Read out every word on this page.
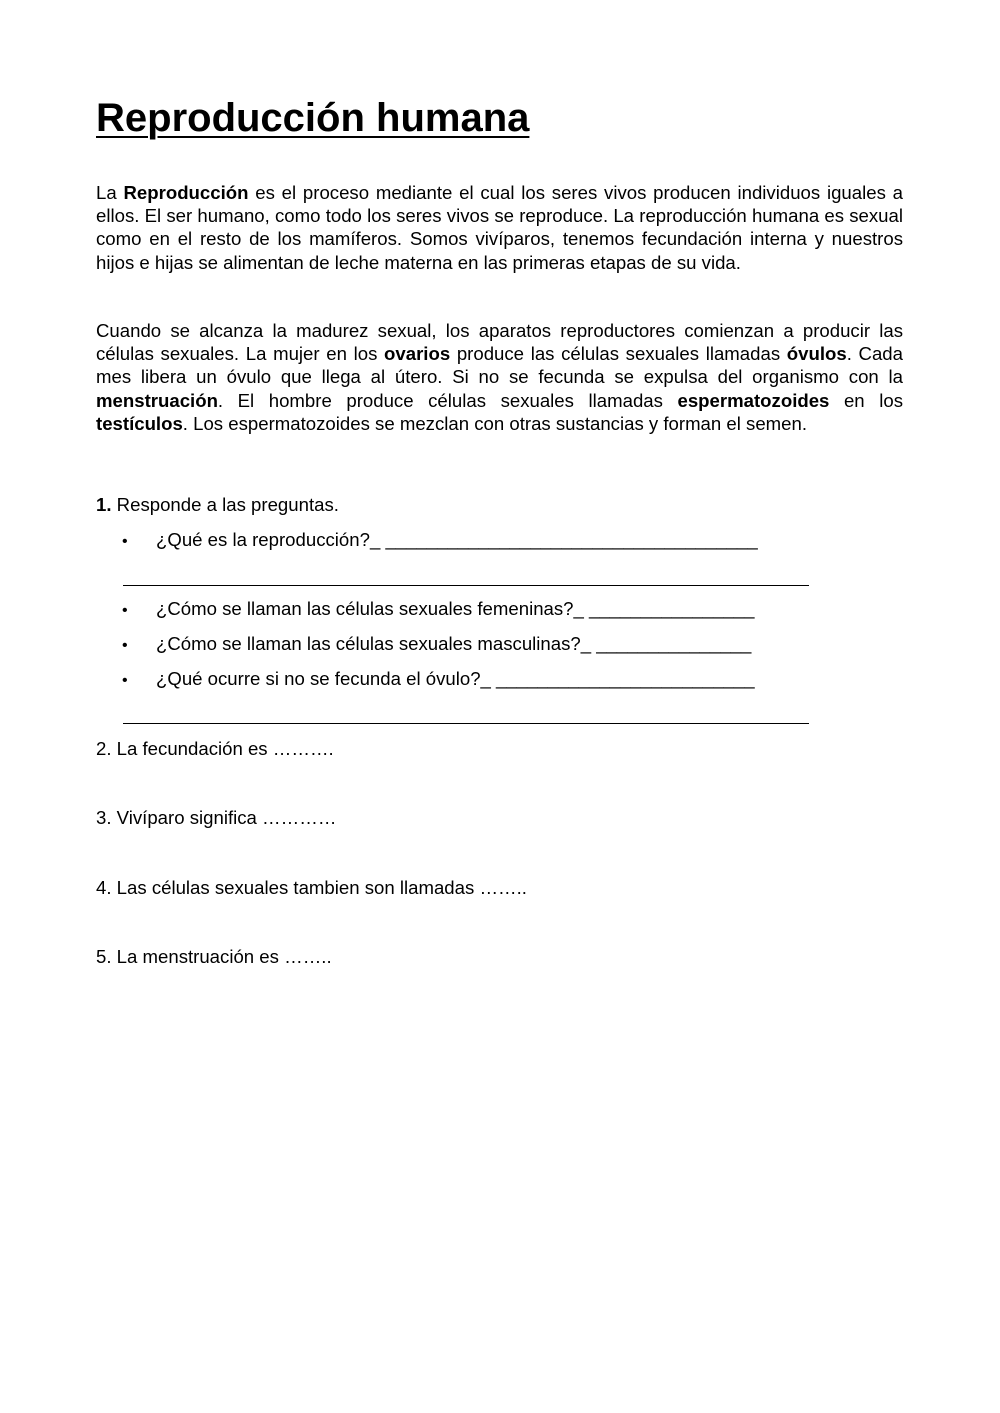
Reproducción humana

La Reproducción es el proceso mediante el cual los seres vivos producen individuos iguales a ellos. El ser humano, como todo los seres vivos se reproduce. La reproducción humana es sexual como en el resto de los mamíferos. Somos vivíparos, tenemos fecundación interna y nuestros hijos e hijas se alimentan de leche materna en las primeras etapas de su vida.

Cuando se alcanza la madurez sexual, los aparatos reproductores comienzan a producir las células sexuales. La mujer en los ovarios produce las células sexuales llamadas óvulos. Cada mes libera un óvulo que llega al útero. Si no se fecunda se expulsa del organismo con la menstruación. El hombre produce células sexuales llamadas espermatozoides en los testículos. Los espermatozoides se mezclan con otras sustancias y forman el semen.

1. Responde a las preguntas.

• ¿Qué es la reproducción?_ ____________________________________
• ¿Cómo se llaman las células sexuales femeninas?_ ________________
• ¿Cómo se llaman las células sexuales masculinas?_ _______________
• ¿Qué ocurre si no se fecunda el óvulo?_ _________________________

2. La fecundación es ……….

3. Vivíparo significa …………

4. Las células sexuales tambien son llamadas ……..

5. La menstruación es ……..
